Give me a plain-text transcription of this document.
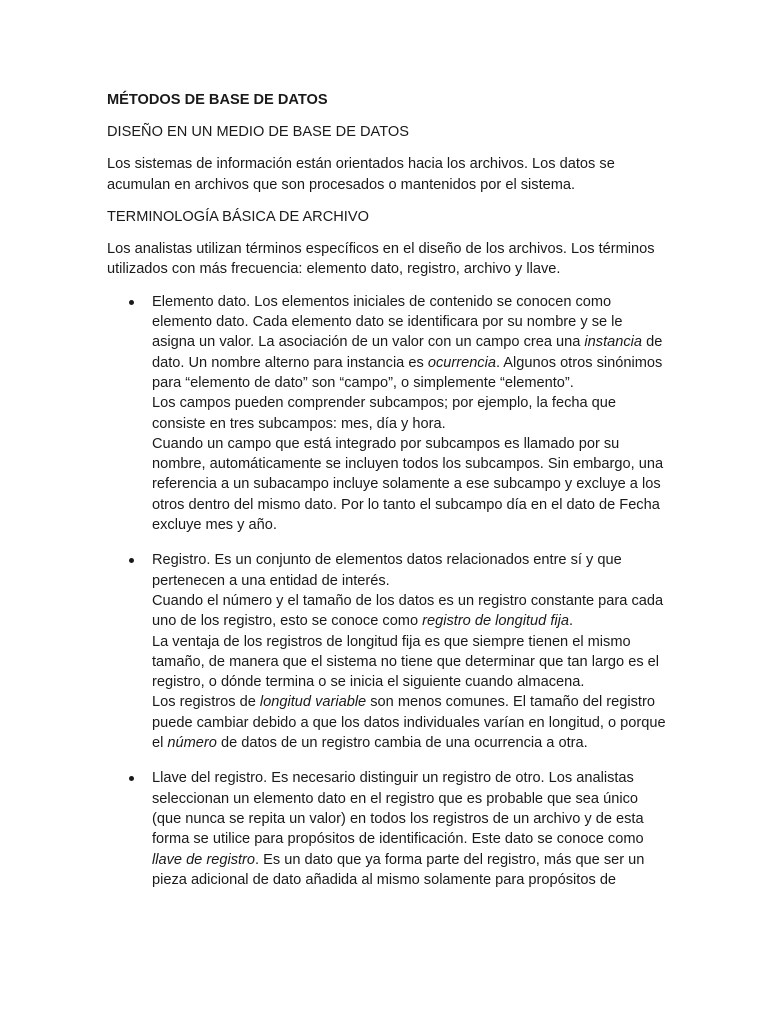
MÉTODOS DE BASE DE DATOS
DISEÑO EN UN MEDIO DE BASE DE DATOS

Los sistemas de información están orientados hacia los archivos. Los datos se acumulan en archivos que son procesados o mantenidos por el sistema.

TERMINOLOGÍA BÁSICA DE ARCHIVO

Los analistas utilizan términos específicos en el diseño de los archivos. Los términos utilizados con más frecuencia: elemento dato, registro, archivo y llave.

Elemento dato. Los elementos iniciales de contenido se conocen como elemento dato. Cada elemento dato se identificara por su nombre y se le asigna un valor. La asociación de un valor con un campo crea una instancia de dato. Un nombre alterno para instancia es ocurrencia. Algunos otros sinónimos para “elemento de dato” son “campo”, o simplemente “elemento”.

Los campos pueden comprender subcampos; por ejemplo, la fecha que consiste en tres subcampos: mes, día y hora.

Cuando un campo que está integrado por subcampos es llamado por su nombre, automáticamente se incluyen todos los subcampos. Sin embargo, una referencia a un subacampo incluye solamente a ese subcampo y excluye a los otros dentro del mismo dato. Por lo tanto el subcampo día en el dato de Fecha excluye mes y año.

Registro. Es un conjunto de elementos datos relacionados entre sí y que pertenecen a una entidad de interés.

Cuando el número y el tamaño de los datos es un registro constante para cada uno de los registro, esto se conoce como registro de longitud fija.

La ventaja de los registros de longitud fija es que siempre tienen el mismo tamaño, de manera que el sistema no tiene que determinar que tan largo es el registro, o dónde termina o se inicia el siguiente cuando almacena.

Los registros de longitud variable son menos comunes. El tamaño del registro puede cambiar debido a que los datos individuales varían en longitud, o porque el número de datos de un registro cambia de una ocurrencia a otra.

Llave del registro. Es necesario distinguir un registro de otro. Los analistas seleccionan un elemento dato en el registro que es probable que sea único (que nunca se repita un valor) en todos los registros de un archivo y de esta forma se utilice para propósitos de identificación. Este dato se conoce como llave de registro. Es un dato que ya forma parte del registro, más que ser un pieza adicional de dato añadida al mismo solamente para propósitos de
